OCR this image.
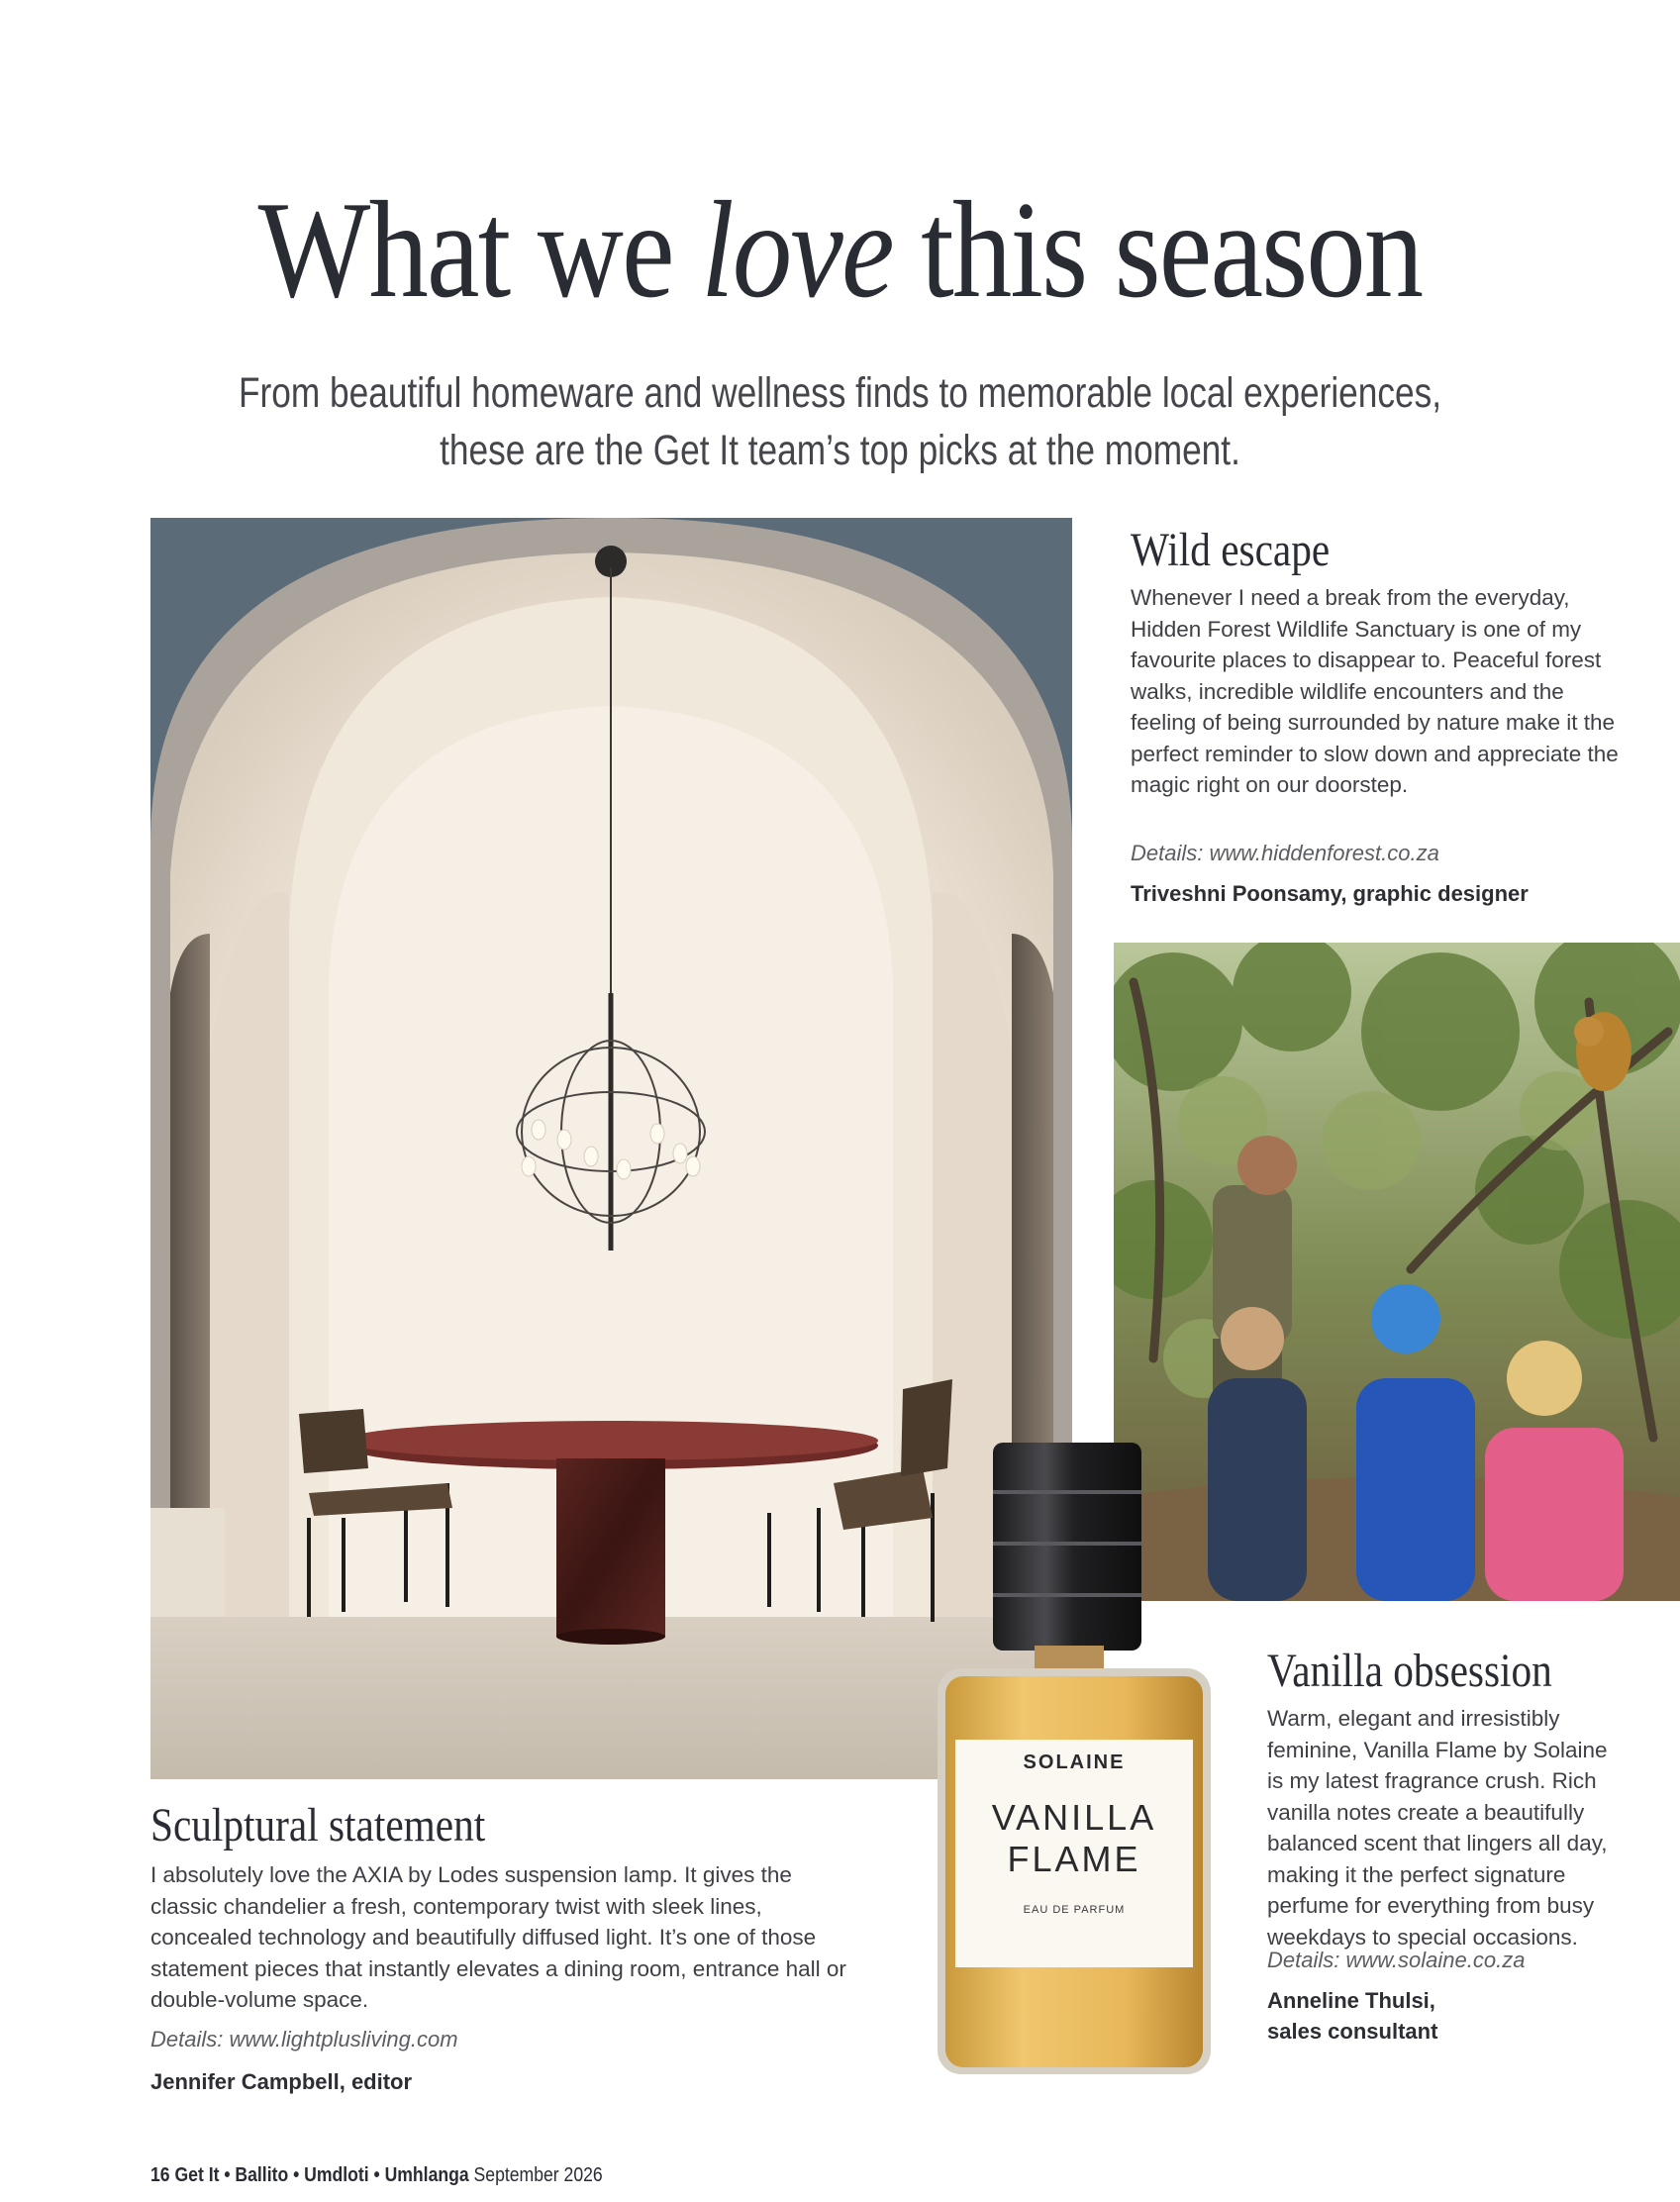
What we love this season
From beautiful homeware and wellness finds to memorable local experiences,
these are the Get It team’s top picks at the moment.
Wild escape
Whenever I need a break from the everyday, Hidden Forest Wildlife Sanctuary is one of my favourite places to disappear to. Peaceful forest walks, incredible wildlife encounters and the feeling of being surrounded by nature make it the perfect reminder to slow down and appreciate the magic right on our doorstep.
Details: www.hiddenforest.co.za
Triveshni Poonsamy, graphic designer
SOLAINE
VANILLA
FLAME
EAU DE PARFUM
Sculptural statement
I absolutely love the AXIA by Lodes suspension lamp. It gives the classic chandelier a fresh, contemporary twist with sleek lines, concealed technology and beautifully diffused light. It’s one of those statement pieces that instantly elevates a dining room, entrance hall or double-volume space.
Details: www.lightplusliving.com
Jennifer Campbell, editor
Vanilla obsession
Warm, elegant and irresistibly feminine, Vanilla Flame by Solaine is my latest fragrance crush. Rich vanilla notes create a beautifully balanced scent that lingers all day, making it the perfect signature perfume for everything from busy weekdays to special occasions.
Details: www.solaine.co.za
Anneline Thulsi,
sales consultant
16 Get It • Ballito • Umdloti • Umhlanga September 2026
